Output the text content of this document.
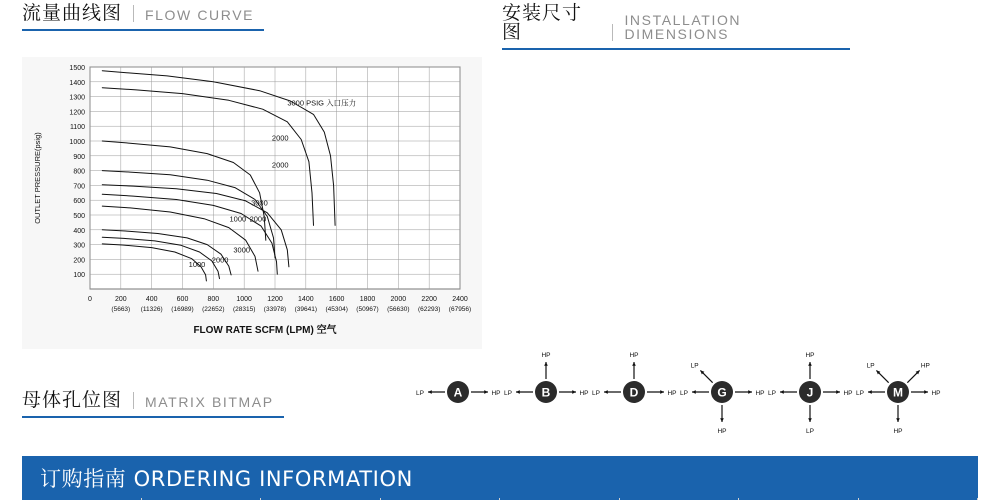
流量曲线图 FLOW CURVE	安装尺寸图
INSTALLATION DIMENSIONS
母体孔位图 MATRIX BITMAP
100
200
300
400
500
600
700
800
900
1000
1100
1200
1300
1400
1500
0	200
(5663)
400
(11326)
600
(16989)
800
(22652)
1000
(28315)
1200
(33978)
1400
(39641)
1600
(45304)
1800
(50967)
2000
(56630)
2200
(62293)
2400
(67956)
3000 PSIG 入口压力
2000
2000
3000
1000 2000
3000
1000 2000
OUTLET PRESSURE(psig)
FLOW RATE SCFM (LPM) 空气
LP	HP
A	LP	HP
HP
B	LP	HP
HP
D	LP	HP
LP
HP
G	LP	HP
HP
LP
J	LP	HP
LP	HP
HP
M
订购指南 ORDERING INFORMATION
